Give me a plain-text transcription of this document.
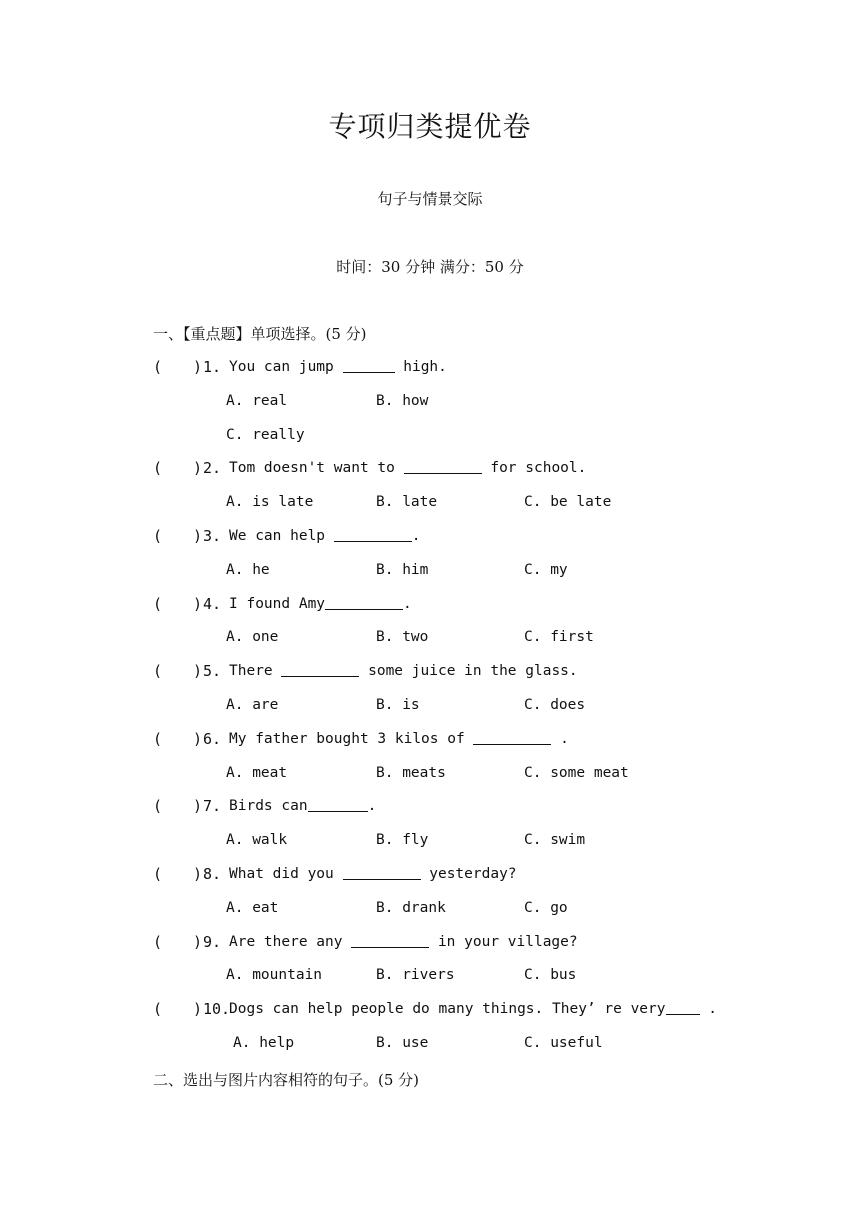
专项归类提优卷
句子与情景交际
时间：30 分钟 满分：50 分
一、【重点题】单项选择。(5 分)
( ) 1. You can jump	high.
A. real	B. how
C. really
( ) 2. Tom doesn't want to	for school.
A. is late	B. late	C. be late
( ) 3. We can help	.
A. he	B. him	C. my
( ) 4. I found Amy	.
A. one	B. two	C. first
( ) 5. There	some juice in the glass.
A. are	B. is	C. does
( ) 6. My father bought 3 kilos of	.
A. meat	B. meats	C. some meat
( ) 7. Birds can	.
A. walk	B. fly	C. swim
( ) 8. What did you	yesterday?
A. eat	B. drank	C. go
( ) 9. Are there any	in your village?
A. mountain	B. rivers	C. bus
( ) 10.
Dogs can help people do many things. They’ re very .
A. help	B. use	C. useful
二、选出与图片内容相符的句子。(5 分)
